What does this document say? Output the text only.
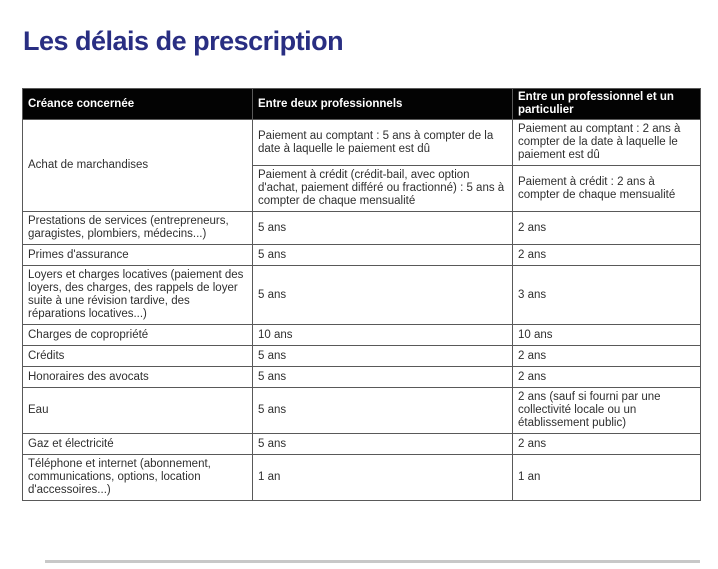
Les délais de prescription
Créance concernée	Entre deux professionnels	Entre un professionnel et un particulier
Achat de marchandises	Paiement au comptant : 5 ans à compter de la date à laquelle le paiement est dû	Paiement au comptant : 2 ans à compter de la date à laquelle le paiement est dû
	Paiement à crédit (crédit-bail, avec option d'achat, paiement différé ou fractionné) : 5 ans à compter de chaque mensualité	Paiement à crédit : 2 ans à compter de chaque mensualité
Prestations de services (entrepreneurs, garagistes, plombiers, médecins...)	5 ans	2 ans
Primes d'assurance	5 ans	2 ans
Loyers et charges locatives (paiement des loyers, des charges, des rappels de loyer suite à une révision tardive, des réparations locatives...)	5 ans	3 ans
Charges de copropriété	10 ans	10 ans
Crédits	5 ans	2 ans
Honoraires des avocats	5 ans	2 ans
Eau	5 ans	2 ans (sauf si fourni par une collectivité locale ou un établissement public)
Gaz et électricité	5 ans	2 ans
Téléphone et internet (abonnement, communications, options, location d'accessoires...)	1 an	1 an
